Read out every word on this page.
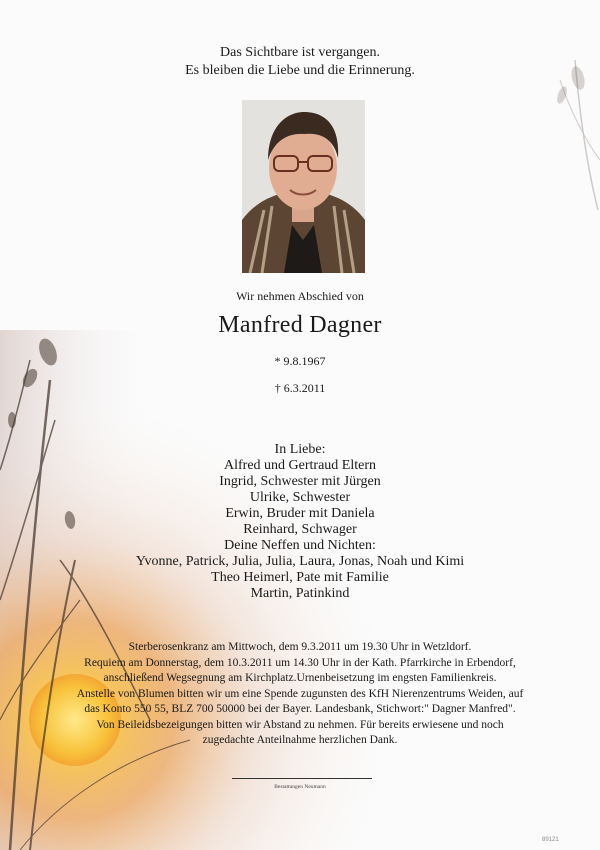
Das Sichtbare ist vergangen.
Es bleiben die Liebe und die Erinnerung.
Wir nehmen Abschied von
Manfred Dagner
* 9.8.1967
† 6.3.2011
In Liebe:
Alfred und Gertraud Eltern
Ingrid, Schwester mit Jürgen
Ulrike, Schwester
Erwin, Bruder mit Daniela
Reinhard, Schwager
Deine Neffen und Nichten:
Yvonne, Patrick, Julia, Julia, Laura, Jonas, Noah und Kimi
Theo Heimerl, Pate mit Familie
Martin, Patinkind
Sterberosenkranz am Mittwoch, dem 9.3.2011 um 19.30 Uhr in Wetzldorf.
Requiem am Donnerstag, dem 10.3.2011 um 14.30 Uhr in der Kath. Pfarrkirche in Erbendorf,
anschließend Wegsegnung am Kirchplatz.Urnenbeisetzung im engsten Familienkreis.
Anstelle von Blumen bitten wir um eine Spende zugunsten des KfH Nierenzentrums Weiden, auf
das Konto 550 55, BLZ 700 50000 bei der Bayer. Landesbank, Stichwort:" Dagner Manfred".
Von Beileidsbezeigungen bitten wir Abstand zu nehmen. Für bereits erwiesene und noch
zugedachte Anteilnahme herzlichen Dank.
Bestattungen Neumann
89121
